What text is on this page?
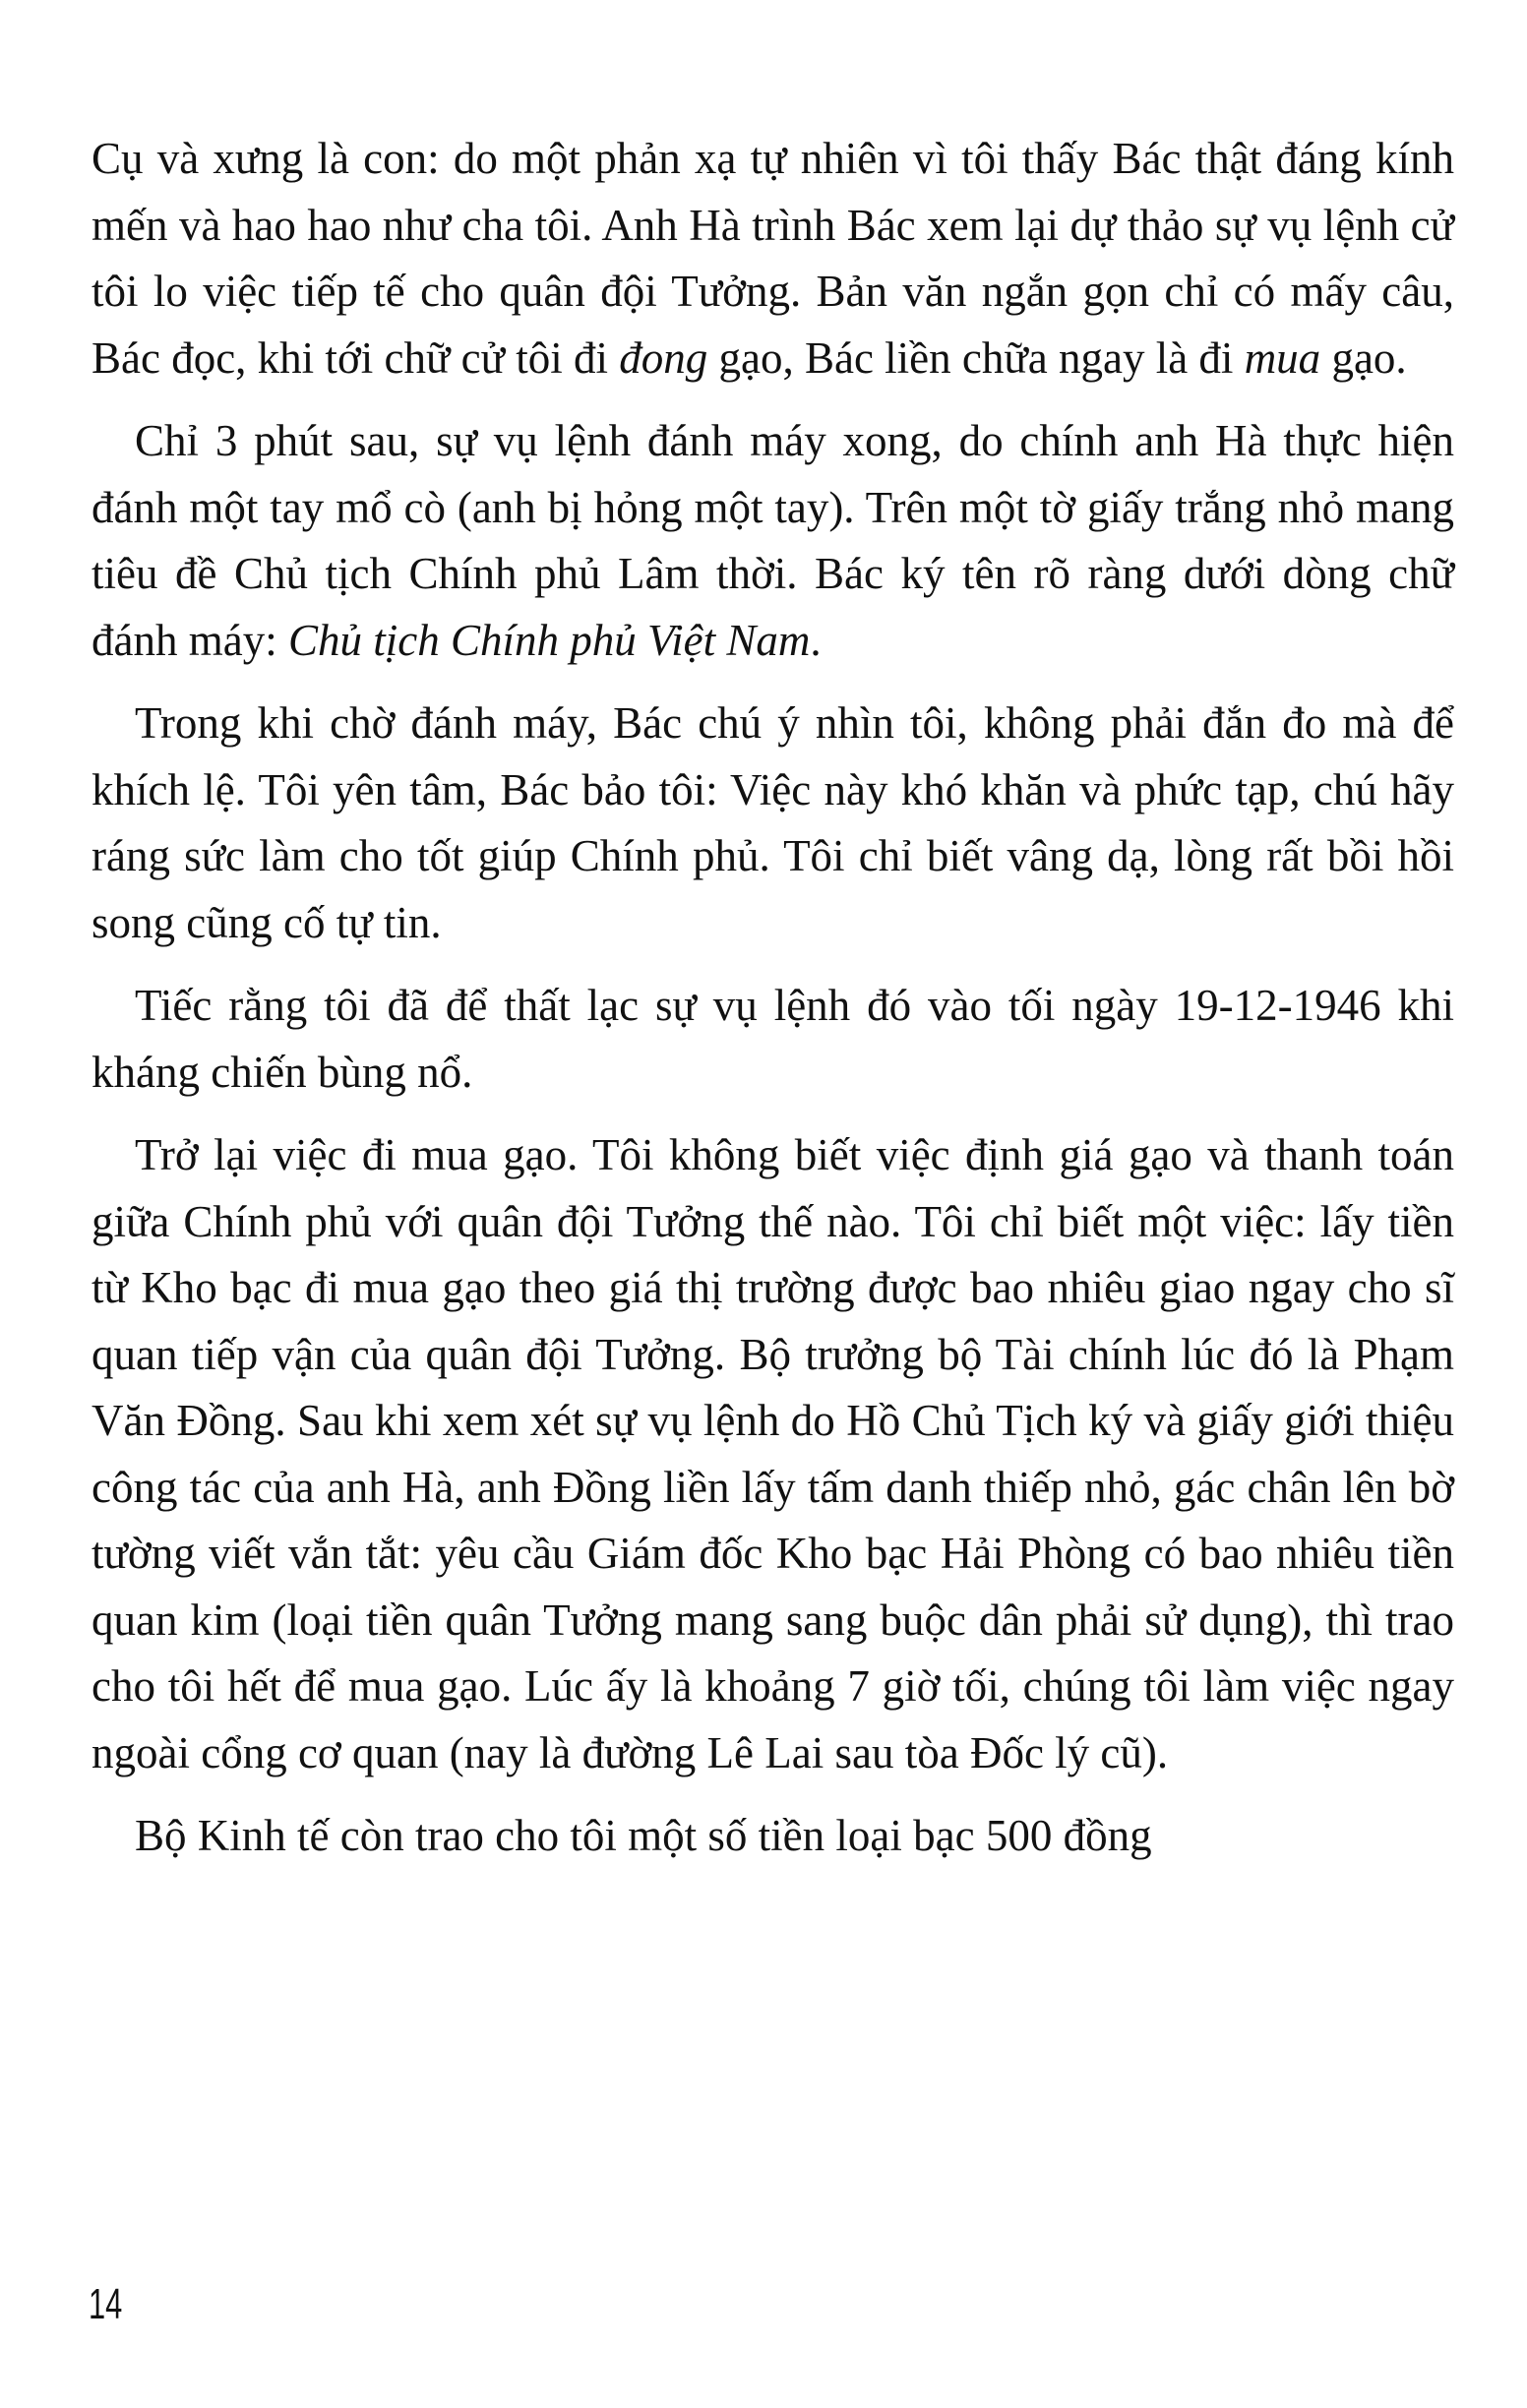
Cụ và xưng là con: do một phản xạ tự nhiên vì tôi thấy Bác thật đáng kính mến và hao hao như cha tôi. Anh Hà trình Bác xem lại dự thảo sự vụ lệnh cử tôi lo việc tiếp tế cho quân đội Tưởng. Bản văn ngắn gọn chỉ có mấy câu, Bác đọc, khi tới chữ cử tôi đi đong gạo, Bác liền chữa ngay là đi mua gạo.

Chỉ 3 phút sau, sự vụ lệnh đánh máy xong, do chính anh Hà thực hiện đánh một tay mổ cò (anh bị hỏng một tay). Trên một tờ giấy trắng nhỏ mang tiêu đề Chủ tịch Chính phủ Lâm thời. Bác ký tên rõ ràng dưới dòng chữ đánh máy: Chủ tịch Chính phủ Việt Nam.

Trong khi chờ đánh máy, Bác chú ý nhìn tôi, không phải đắn đo mà để khích lệ. Tôi yên tâm, Bác bảo tôi: Việc này khó khăn và phức tạp, chú hãy ráng sức làm cho tốt giúp Chính phủ. Tôi chỉ biết vâng dạ, lòng rất bồi hồi song cũng cố tự tin.

Tiếc rằng tôi đã để thất lạc sự vụ lệnh đó vào tối ngày 19-12-1946 khi kháng chiến bùng nổ.

Trở lại việc đi mua gạo. Tôi không biết việc định giá gạo và thanh toán giữa Chính phủ với quân đội Tưởng thế nào. Tôi chỉ biết một việc: lấy tiền từ Kho bạc đi mua gạo theo giá thị trường được bao nhiêu giao ngay cho sĩ quan tiếp vận của quân đội Tưởng. Bộ trưởng bộ Tài chính lúc đó là Phạm Văn Đồng. Sau khi xem xét sự vụ lệnh do Hồ Chủ Tịch ký và giấy giới thiệu công tác của anh Hà, anh Đồng liền lấy tấm danh thiếp nhỏ, gác chân lên bờ tường viết vắn tắt: yêu cầu Giám đốc Kho bạc Hải Phòng có bao nhiêu tiền quan kim (loại tiền quân Tưởng mang sang buộc dân phải sử dụng), thì trao cho tôi hết để mua gạo. Lúc ấy là khoảng 7 giờ tối, chúng tôi làm việc ngay ngoài cổng cơ quan (nay là đường Lê Lai sau tòa Đốc lý cũ).

Bộ Kinh tế còn trao cho tôi một số tiền loại bạc 500 đồng

14
